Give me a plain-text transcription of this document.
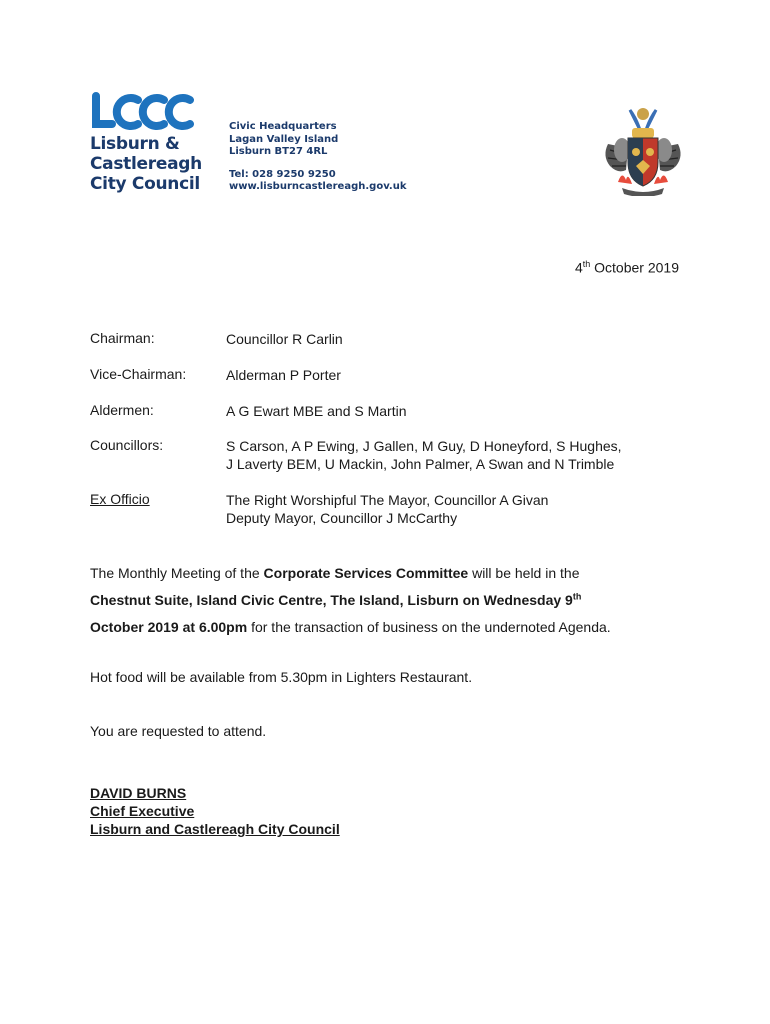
Lisburn &
Castlereagh
City Council
Civic Headquarters
Lagan Valley Island
Lisburn BT27 4RL
Tel: 028 9250 9250
www.lisburncastlereagh.gov.uk
4th October 2019
Chairman:	Councillor R Carlin
Vice-Chairman:	Alderman P Porter
Aldermen:	A G Ewart MBE and S Martin
Councillors:	S Carson, A P Ewing, J Gallen, M Guy, D Honeyford, S Hughes,
J Laverty BEM, U Mackin, John Palmer, A Swan and N Trimble
Ex Officio	The Right Worshipful The Mayor, Councillor A Givan
Deputy Mayor, Councillor J McCarthy
The Monthly Meeting of the Corporate Services Committee will be held in the
Chestnut Suite, Island Civic Centre, The Island, Lisburn on Wednesday 9th
October 2019 at 6.00pm for the transaction of business on the undernoted Agenda.
Hot food will be available from 5.30pm in Lighters Restaurant.
You are requested to attend.
DAVID BURNS
Chief Executive
Lisburn and Castlereagh City Council
